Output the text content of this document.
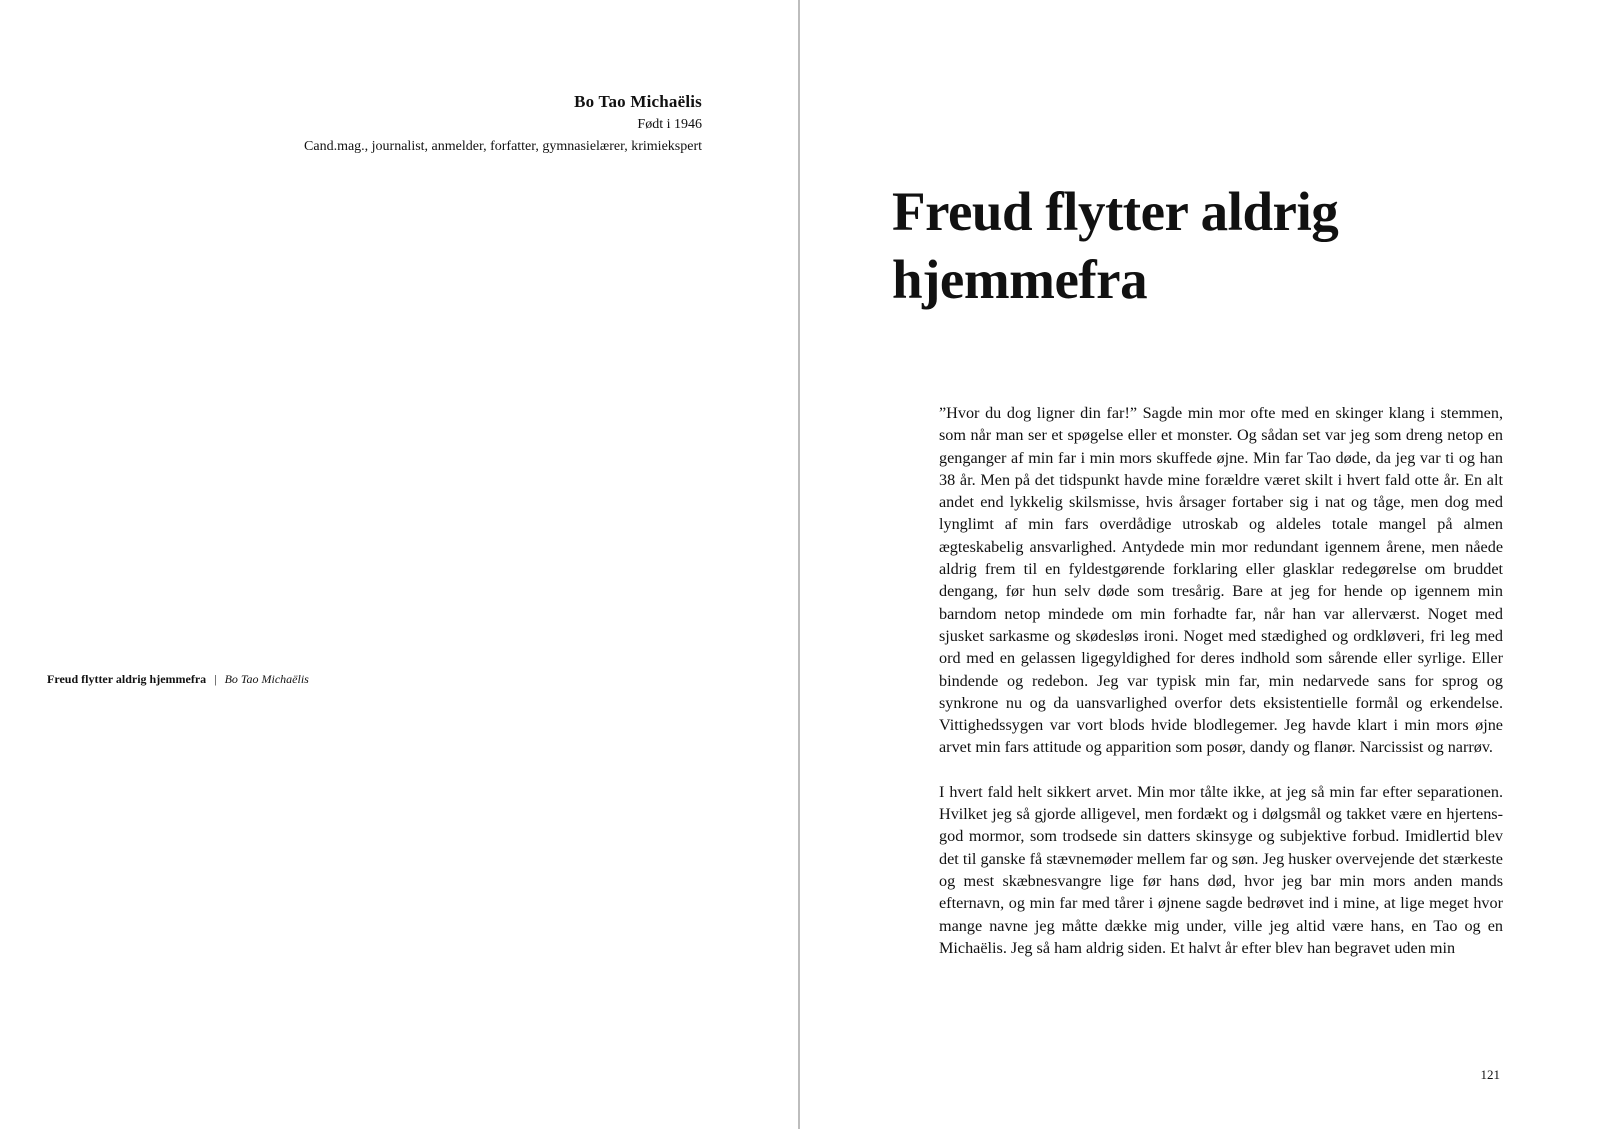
Bo Tao Michaëlis
Født i 1946
Cand.mag., journalist, anmelder, forfatter, gymnasielærer, krimiekspert
Freud flytter aldrig hjemmefra | Bo Tao Michaëlis
Freud flytter aldrig hjemmefra

”Hvor du dog ligner din far!” Sagde min mor ofte med en skinger klang i stemmen, som når man ser et spøgelse eller et monster. Og sådan set var jeg som dreng netop en genganger af min far i min mors skuffede øjne. Min far Tao døde, da jeg var ti og han 38 år. Men på det tidspunkt havde mine forældre været skilt i hvert fald otte år. En alt andet end lykkelig skilsmisse, hvis årsager fortaber sig i nat og tåge, men dog med lynglimt af min fars overdådige utroskab og aldeles totale mangel på almen ægteskabelig ansvarlighed. Antydede min mor redundant igennem årene, men nåede aldrig frem til en fyldestgørende forklaring eller glasklar redegørelse om bruddet dengang, før hun selv døde som tresårig. Bare at jeg for hende op igennem min barndom netop mindede om min forhadte far, når han var allerværst. Noget med sjusket sarkasme og skødesløs ironi. Noget med stædighed og ordkløveri, fri leg med ord med en gelassen ligegyldighed for deres indhold som sårende eller syrlige. Eller bindende og redebon. Jeg var typisk min far, min nedarvede sans for sprog og synkrone nu og da uansvarlighed overfor dets eksistentielle formål og erkendelse. Vittighedssygen var vort blods hvide blodlegemer. Jeg havde klart i min mors øjne arvet min fars attitude og apparition som posør, dandy og flanør. Narcissist og narrøv.

I hvert fald helt sikkert arvet. Min mor tålte ikke, at jeg så min far efter separationen. Hvilket jeg så gjorde alligevel, men fordækt og i dølgsmål og takket være en hjertensgod mormor, som trodsede sin datters skinsyge og subjektive forbud. Imidlertid blev det til ganske få stævnemøder mellem far og søn. Jeg husker overvejende det stærkeste og mest skæbnesvangre lige før hans død, hvor jeg bar min mors anden mands efternavn, og min far med tårer i øjnene sagde bedrøvet ind i mine, at lige meget hvor mange navne jeg måtte dække mig under, ville jeg altid være hans, en Tao og en Michaëlis. Jeg så ham aldrig siden. Et halvt år efter blev han begravet uden min

121
